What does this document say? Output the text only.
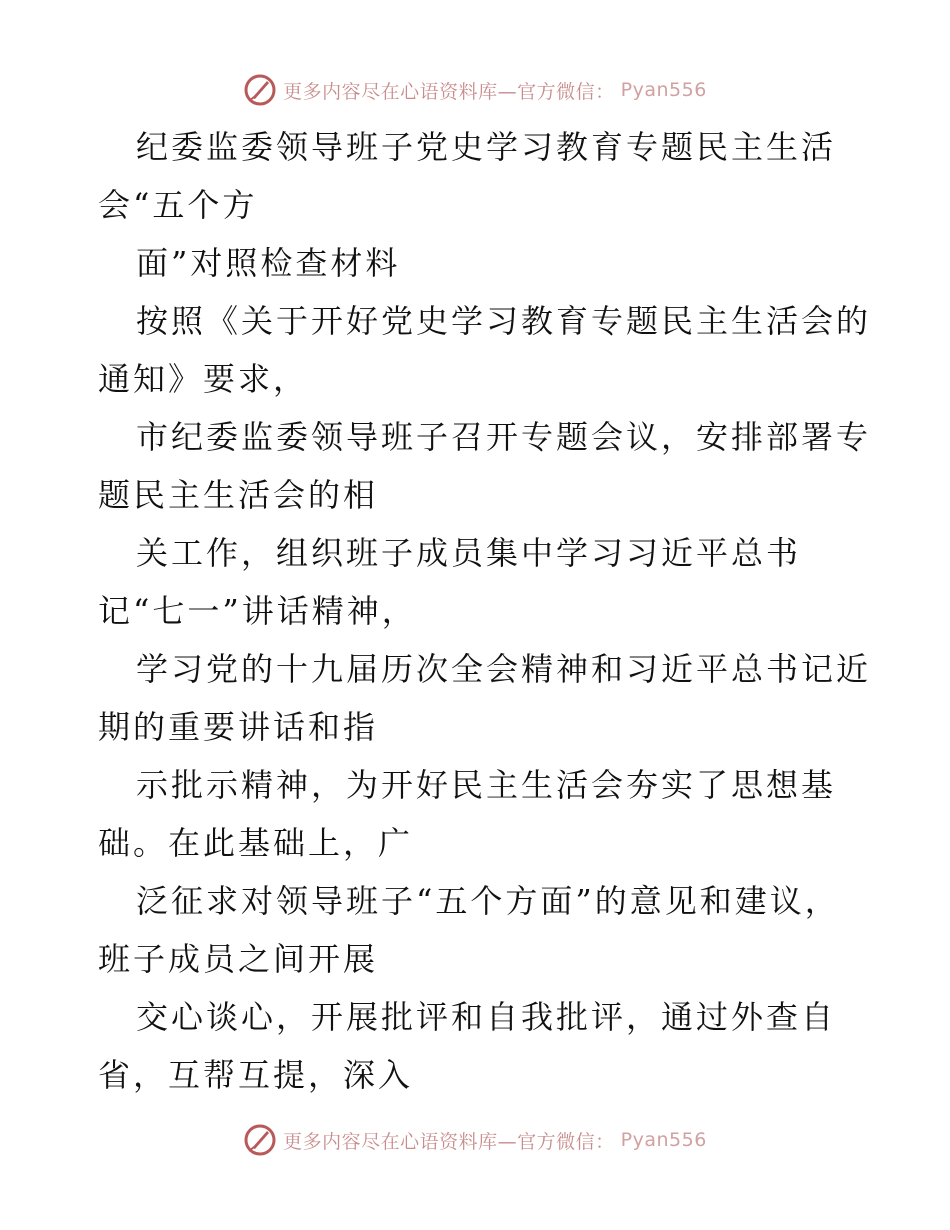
更多内容尽在心语资料库—官方微信： Pyan556
纪委监委领导班子党史学习教育专题民主生活
会“五个方
面”对照检查材料
按照《关于开好党史学习教育专题民主生活会的
通知》要求，
市纪委监委领导班子召开专题会议，安排部署专
题民主生活会的相
关工作，组织班子成员集中学习习近平总书
记“七一”讲话精神，
学习党的十九届历次全会精神和习近平总书记近
期的重要讲话和指
示批示精神，为开好民主生活会夯实了思想基
础。在此基础上，广
泛征求对领导班子“五个方面”的意见和建议，
班子成员之间开展
交心谈心，开展批评和自我批评，通过外查自
省，互帮互提，深入
更多内容尽在心语资料库—官方微信： Pyan556
